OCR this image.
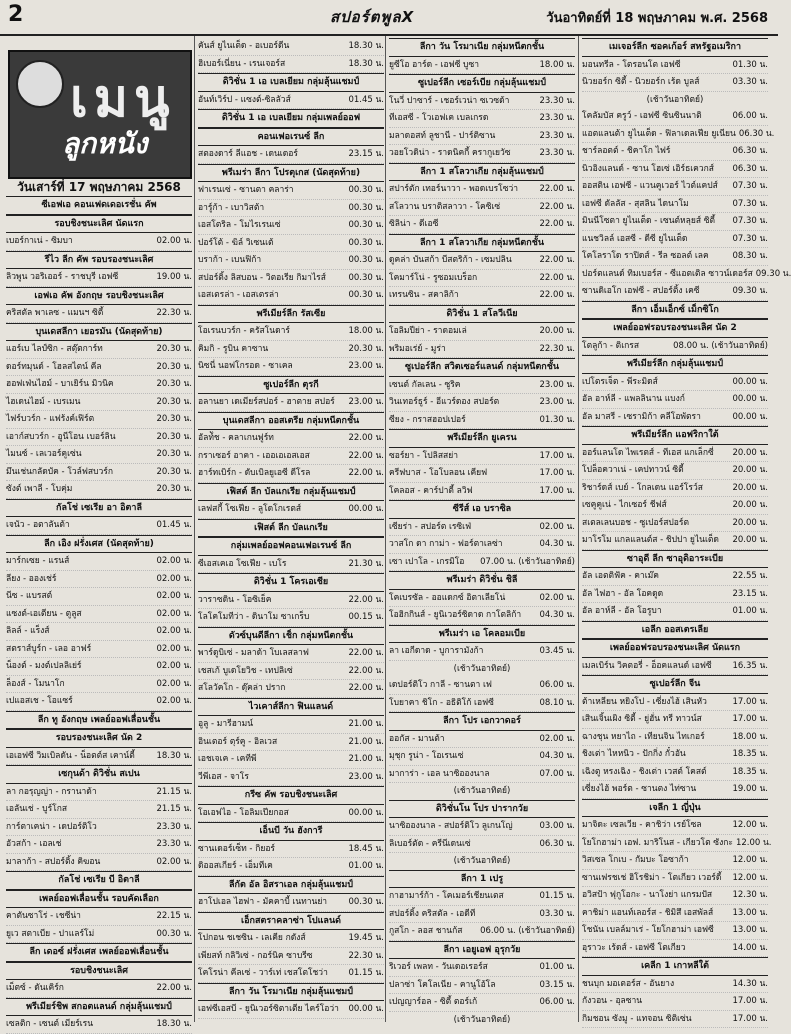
2	สปอร์ตพูลX	วันอาทิตย์ที่ 18 พฤษภาคม พ.ศ. 2568
เมนู
ลูกหนัง
วันเสาร์ที่ 17 พฤษภาคม 2568
ซีเอฟเอ คอนเฟดเดอเรชั่น คัพ
รอบชิงชนะเลิศ นัดแรก
เบอร์กาเน่ - ซิมบา	02.00 น.
รีไว ลีก คัพ รอบรองชนะเลิศ
ลิวพูน วอริเออร์ - ราชบุรี เอฟซี	19.00 น.
เอฟเอ คัพ อังกฤษ รอบชิงชนะเลิศ
คริสตัล พาเลซ - แมนฯ ซิตี้	22.30 น.
บุนเดสลีกา เยอรมัน (นัดสุดท้าย)
แอร์เบ ไลป์ซิก - สตุ๊ตการ์ท	20.30 น.
ดอร์ทมุนด์ - โฮลสไตน์ คีล	20.30 น.
ฮอฟเฟ่นไฮม์ - บาเยิร์น มิวนิค	20.30 น.
ไฮเดนไฮม์ - เบรเมน	20.30 น.
ไฟร์บวร์ก - แฟร้งค์เฟิร์ต	20.30 น.
เอาก์สบวร์ก - อูนีโอน เบอร์ลิน	20.30 น.
ไมนซ์ - เลเวอร์คูเซ่น	20.30 น.
มึนเช่นกลัดบัค - โวล์ฟสบวร์ก	20.30 น.
ซังต์ เพาลี - โบคุ่ม	20.30 น.
กัลโช่ เซเรีย อา อิตาลี
เจนัว - อตาลันต้า	01.45 น.
ลีก เอิง ฝรั่งเศส (นัดสุดท้าย)
มาร์กเซย - แรนส์	02.00 น.
ลียง - อองเช่ร์	02.00 น.
นีซ - แบรสต์	02.00 น.
แซงต์-เอเตียน - ตูลูส	02.00 น.
ลิลล์ - แร็งส์	02.00 น.
สตราส์บูร์ก - เลอ อาฟร์	02.00 น.
น็องต์ - มงต์เปลลิเย่ร์	02.00 น.
ล็องส์ - โมนาโก	02.00 น.
เปแอสเช - โอแซร์	02.00 น.
ลีก ทู อังกฤษ เพลย์ออฟเลื่อนชั้น
รอบรองชนะเลิศ นัด 2
เอเอฟซี วิมเบิลดัน - น็อตต์ส เคาน์ตี้	18.30 น.
เซกุนด้า ดิวิชั่น สเปน
ลา กอรุญญ่า - กรานาด้า	21.15 น.
เอลันเช่ - บูร์โกส	21.15 น.
การ์ตาเคน่า - เดปอร์ติโว	23.30 น.
อัวสก้า - เอลเช่	23.30 น.
มาลาก้า - สปอร์ติ้ง คิฆอน	02.00 น.
กัลโช่ เซเรีย บี อิตาลี
เพลย์ออฟเลื่อนชั้น รอบคัดเลือก
คาตันซาโร่ - เชซีน่า	22.15 น.
ยูเว สตาเบีย - ปาแลร์โม่	00.30 น.
ลีก เดอซ์ ฝรั่งเศส เพลย์ออฟเลื่อนชั้น
รอบชิงชนะเลิศ
เม็ตซ์ - ดันเคิร์ก	22.00 น.
พรีเมียร์ชิพ สกอตแลนด์ กลุ่มลุ้นแชมป์
เซลติก - เซนต์ เมียร์เรน	18.30 น.
คันส์ ยูไนเต็ด - อเบอร์ดีน	18.30 น.
ฮิเบอร์เนี่ยน - เรนเจอร์ส	18.30 น.
ดิวิชั่น 1 เอ เบลเยียม กลุ่มลุ้นแชมป์
อันท์เวิร์ป - แซงต์-ซิลลัวส์	01.45 น.
ดิวิชั่น 1 เอ เบลเยียม กลุ่มเพลย์ออฟ
คอนเฟอเรนซ์ ลีก
สตองดาร์ ลีแอช - เดนเดอร์	23.15 น.
พรีเมร่า ลีกา โปรตุเกส (นัดสุดท้าย)
ฟาเรนเซ่ - ซานตา คลาร่า	00.30 น.
อาร์ูก้า - เบาวิสต้า	00.30 น.
เอสโตริล - โมไรเรนเซ่	00.30 น.
ปอร์โต้ - ฆิล์ วิเซนเต้	00.30 น.
บราก้า - เบนฟิก้า	00.30 น.
สปอร์ติ้ง ลิสบอน - วิตอเรีย กิมาไรส์	00.30 น.
เอสเตรล่า - เอสเตรล่า	00.30 น.
พรีเมียร์ลีก รัสเซีย
โอเรนบวร์ก - ครัสโนดาร์	18.00 น.
คิมกิ - รูบิน คาซาน	20.30 น.
นิซนี่ นอฟโกรอด - ซาเคล	23.00 น.
ซูเปอร์ลีก ตุรกี
อลานยา เดเมียร์สปอร์ - ฮาตาย สปอร์ 23.00 น.
บุนเดสลีกา ออสเตรีย กลุ่มหนีตกชั้น
อัลท์ัช - คลาเกนฟูร์ท	22.00 น.
กราเซอร์ อาคา - เออเอเอสเอส	22.00 น.
ฮาร์ทเบิร์ก - ดับเบิลยูเอซี ดีโรล	22.00 น.
เฟิสต์ ลีก บัลแกเรีย กลุ่มลุ้นแชมป์
เลฟสกี้ โซเฟีย - ลูโดโกเรตส์	00.00 น.
เฟิสต์ ลีก บัลแกเรีย
กลุ่มเพลย์ออฟคอนเฟอเรนซ์ ลีก
ซีเอสเคเอ โซเฟีย - เบโร	21.30 น.
ดิวิชั่น 1 โครเอเชีย
วาราซดิน - โอซิเย็ค	22.00 น.
โลโคโมทีว่า - ดินาโม ซาเกร็บ	00.15 น.
ดัวซ์บุนดีลีกา เช็ก กลุ่มหนีตกชั้น
พาร์ดูบิเซ่ - มลาด้า โบเลสลาฟ	22.00 น.
เชสเก้ บูเดโยวิช - เทปลิเซ่	22.00 น.
สโลวัคโก - ดุ๊คล่า ปราก	22.00 น.
ไวเคาส์ลีกา ฟินแลนด์
อูลู - มารีฮามน์	21.00 น.
อินเตอร์ ตุร์คู - อิลเวส	21.00 น.
เอชเจเค - เคทีพี	21.00 น.
วีพีเอส - จาโร	23.00 น.
กรีซ คัพ รอบชิงชนะเลิศ
โอเอฟไอ - โอลิมเปียกอส	00.00 น.
เอ็นบี วัน ฮังการี
ซานเดอร์เซ็ท - กิยอร์	18.45 น.
ดิออสเกียร์ - เอ็มทีเค	01.00 น.
ลีกัต อัล อิสราเอล กลุ่มลุ้นแชมป์
ฮาโปเอล ไฮฟา - มัคคาบี้ เนทานย่า	00.30 น.
เอ็กสตราคลาซ่า โปแลนด์
โปกอน ชเชซิน - เลเคีย กดังส์	19.45 น.
เพียสท์ กลิวิเซ่ - กอร์นิค ซาบรีซ	22.30 น.
โคโรน่า คีลเซ่ - วาร์เท่ เชสโตโชว่า 01.15 น.
ลีกา วัน โรมาเนีย กลุ่มลุ้นแชมป์
เอฟซีเอสบี - ยูนิเวอร์ซิตาเตีย ไคร์โอว่า 00.00 น.
ลีกา วัน โรมาเนีย กลุ่มหนีตกชั้น
ยูซีโอ อาร์ด - เอฟซี บูซา	18.00 น.
ซูเปอร์ลีก เซอร์เบีย กลุ่มลุ้นแชมป์
โนวี่ ปาซาร์ - เชอร์เวน่า ซเวซด้า	23.30 น.
ทีเอสซี - โวเอฟเค เบลเกรด	23.30 น.
มลาดอสท์ ลูชานี - ปาร์ติซาน	23.30 น.
วอยโวดิน่า - ราดนิคกี้ ครากูเยวัซ	23.30 น.
ลีกา 1 สโลวาเกีย กลุ่มลุ้นแชมป์
สปาร์ตัก เทอร์นาวา - พอดเบรโซว่า	22.00 น.
สโลวาน บราติสลาวา - โคซิเซ่	22.00 น.
ซิลิน่า - ดีเอซี	22.00 น.
ลีกา 1 สโลวาเกีย กลุ่มหนีตกชั้น
ดูคล่า บันสก้า บีสตริก้า - เซมปลิน	22.00 น.
โคมาร์โน่ - รูซอมเบร็อก	22.00 น.
เทรนซิน - สคาลิก้า	22.00 น.
ดิวิชั่น 1 สโลวีเนีย
โอลิมปีย่า - ราดอมเล่	20.00 น.
พริมอเร่ย์ - มูร่า	22.30 น.
ซูเปอร์ลีก สวิตเซอร์แลนด์ กลุ่มหนีตกชั้น
เซนต์ กัลเลน - ซูริค	23.00 น.
วินเทอร์ธูร์ - อีแวร์ดอง สปอร์ต	23.00 น.
ซียง - กราสฮอปเปอร์	01.30 น.
พรีเมียร์ลีก ยูเครน
ซอร์ยา - โปลิสสย่า	17.00 น.
ครีฟบาส - โอโบลอน เคียฟ	17.00 น.
โคลอส - คาร์ปาตี้ ลวิฟ	17.00 น.
ซีรีส์ เอ บราซิล
เซียร่า - สปอร์ต เรซิเฟ่	02.00 น.
วาสโก ดา กาม่า - ฟอร์ตาเลซ่า	04.30 น.
เซา เปาโล - เกรมิโอ 07.00 น. (เช้าวันอาทิตย์)
พรีเมร่า ดิวิชั่น ชิลี
โคเบรซัล - ออแดกซ์ อิตาเลียโน่	02.00 น.
โอฮิกกินส์ - ยูนิเวอร์ซิดาด กาโตลิก้า 04.30 น.
พรีเมร่า เอ โคลอมเบีย
ลา เอกีดาด - บูการามังก้า	03.45 น.
(เช้าวันอาทิตย์)
เดปอร์ติโว กาลี - ซานตา เฟ	06.00 น.
โบยาคา ชิโก - อธิติโก้ เอฟซี	08.10 น.
ลีกา โปร เอกวาดอร์
ออกัส - มานต้า	02.00 น.
มุชุก รูน่า - โอเรนเซ่	04.30 น.
มาการ่า - เอล นาซิอองนาล	07.00 น.
(เช้าวันอาทิตย์)
ดิวิชั่นโน โปร ปารากวัย
นาซิอองนาล - สปอร์ติโว ลูเกนโญ่	03.00 น.
ลิเบอร์ตัด - ครีนีเดนเซ่	06.30 น.
(เช้าวันอาทิตย์)
ลีกา 1 เปรู
กาฮามาร์ก้า - โคเมอร์เชียนเตส	01.15 น.
สปอร์ติ้ง คริสตัล - เอดีที	03.30 น.
กูสโก - ลอส ชานก้ส 06.00 น. (เช้าวันอาทิตย์)
ลีกา เอยูเอฟ อุรุกวัย
ริเวอร์ เพลท - วันเดอเรอร์ส	01.00 น.
ปลาซ่า โคโลเนีย - คานูโอ้โล	03.15 น.
เปญญาร์อล - ซิตี้ ตอร์เก้	06.00 น.
(เช้าวันอาทิตย์)
เมเจอร์ลีก ซอคเก้อร์ สหรัฐอเมริกา
มอนทรีล - โตรอนโต เอฟซี	01.30 น.
นิวยอร์ก ซิตี้ - นิวยอร์ก เร้ด บูลส์	03.30 น.
(เช้าวันอาทิตย์)
โคลัมบัส ครูว์ - เอฟซี ซินซินนาติ	06.00 น.
แอตแลนต้า ยูไนเต็ด - ฟิลาเดลเฟีย ยูเนียน 06.30 น.
ชาร์ลอตต์ - ชิคาโก ไฟร์	06.30 น.
นิวอิงแลนด์ - ซาน โฮเซ่ เอิร์ธเควกส์ 06.30 น.
ออสติน เอฟซี - แวนคูเวอร์ ไวต์แคปส์ 07.30 น.
เอฟซี ดัลลัส - สุสลิน ไดนาโม	07.30 น.
มินนีโซตา ยูไนเต็ด - เซนต์หลุยส์ ซิตี้ 07.30 น.
แนชวิลล์ เอสซี - ดีซี ยูไนเต็ด	07.30 น.
โคโลราโด ราปิดส์ - รีล ซอลต์ เลค	08.30 น.
ปอร์ตแลนด์ ทิมเบอร์ส - ซีแอตเติล ซาวน์เดอร์ส 09.30 น.
ซานดิเอโก เอฟซี - สปอร์ติ้ง เคซี	09.30 น.
ลีกา เอ็มเอ็กซ์ เม็กซิโก
เพลย์ออฟรอบรองชนะเลิศ นัด 2
โตลูก้า - ติเกรส	08.00 น. (เช้าวันอาทิตย์)
พรีเมียร์ลีก กลุ่มลุ้นแชมป์
เปโตรเจ็ต - พีระมิดส์	00.00 น.
อัล อาห์ลี - แพลลินาน แบงก์	00.00 น.
อัล มาสรี - เซรามิก้า คลีโอพัตรา	00.00 น.
พรีเมียร์ลีก แอฟริกาใต้
ออร์แลนโด ไพเรตส์ - ทีเอส แกเล็กซี่ 20.00 น.
โปล็อควาเน่ - เคปทาวน์ ซิตี้	20.00 น.
ริชาร์ดส์ เบย์ - โกลเดน แอร์โรว์ส	20.00 น.
เซคูคูเน่ - ไกเซอร์ ชีฟส์	20.00 น.
สเตลเลนบอช - ซูเปอร์สปอร์ต	20.00 น.
มาโรโม แกลแลนต์ส - ชิปปา ยูไนเต็ด 20.00 น.
ซาอุดี ลีก ซาอุดิอาระเบีย
อัล เอตติฟัค - คาเม๊ค	22.55 น.
อัล ไฟฮา - อัล โอคดูด	23.15 น.
อัล อาห์ลี - อัล โอรูบา	01.00 น.
เอลีก ออสเตรเลีย
เพลย์ออฟรอบรองชนะเลิศ นัดแรก
เมลเบิร์น วิคตอรี่ - อ็อคแลนด์ เอฟซี 16.35 น.
ซูเปอร์ลีก จีน
ต้าเหลียน หยิงโป - เซี่ยงไฮ้ เสินหัว	17.00 น.
เสินเจิ้นเผิง ซิตี้ - ยู่ฮั่น ทรี ทาวน์ส	17.00 น.
ฉางชุน หยาไถ - เทียนจิน ไทเกอร์	18.00 น.
ชิงเต่า ไหหนิว - ปักกิ่ง กั๋วอัน	18.35 น.
เฉิงตู หรงเฉิง - ชิงเต่า เวสต์ โคสต์	18.35 น.
เซี่ยงไฮ้ พอร์ต - ซานตง ไท่ซาน	19.00 น.
เจลีก 1 ญี่ปุ่น
มาจิดะ เซลเวีย - คาชิว่า เรย์โซล	12.00 น.
โยโกฮาม่า เอฟ. มาริโนส - เกียวโต ซังกะ 12.00 น.
วิสเซล โกเบ - กัมบะ โอซาก้า	12.00 น.
ซานเฟรชเช่ ฮิโรชิม่า - โตเกียว เวอร์ดี้ 12.00 น.
อวิสป้า ฟุกูโอกะ - นาโงย่า แกรมปัส 12.30 น.
คาชิม่า แอนท์เลอร์ส - ชิมิสึ เอสพัลส์ 13.00 น.
โชนัน เบลล์มาเร่ - โยโกฮาม่า เอฟซี 13.00 น.
อุราวะ เร้ดส์ - เอฟซี โตเกียว	14.00 น.
เคลีก 1 เกาหลีใต้
ชนบุก มอเตอร์ส - อันยาง	14.30 น.
กังวอน - อุลซาน	17.00 น.
กิมชอน ซังมู - แทจอน ซิติเซ่น	17.00 น.
